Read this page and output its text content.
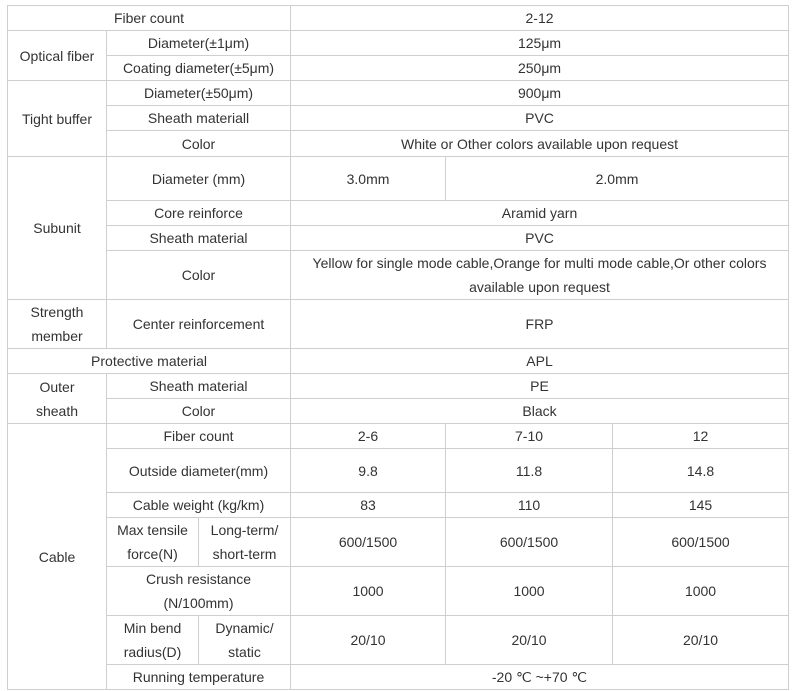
Fiber count			2-12		
Optical fiber	Diameter(±1μm)		125μm		
	Coating diameter(±5μm)		250μm		
Tight buffer	Diameter(±50μm)		900μm		
	Sheath materiall		PVC		
	Color		White or Other colors available upon request		
Subunit	Diameter (mm)		3.0mm	2.0mm	
	Core reinforce		Aramid yarn		
	Sheath material		PVC		
	Color		Yellow for single mode cable,Orange for multi mode cable,Or other colors available upon request		
Strength member	Center reinforcement		FRP		
Protective material			APL		
Outer sheath	Sheath material		PE		
	Color		Black		
Cable	Fiber count		2-6	7-10	12
	Outside diameter(mm)		9.8	11.8	14.8
	Cable weight (kg/km)		83	110	145
	Max tensile force(N)	Long-term/ short-term	600/1500	600/1500	600/1500
	Crush resistance (N/100mm)		1000	1000	1000
	Min bend radius(D)	Dynamic/ static	20/10	20/10	20/10
	Running temperature		-20 ℃ ~+70 ℃		
